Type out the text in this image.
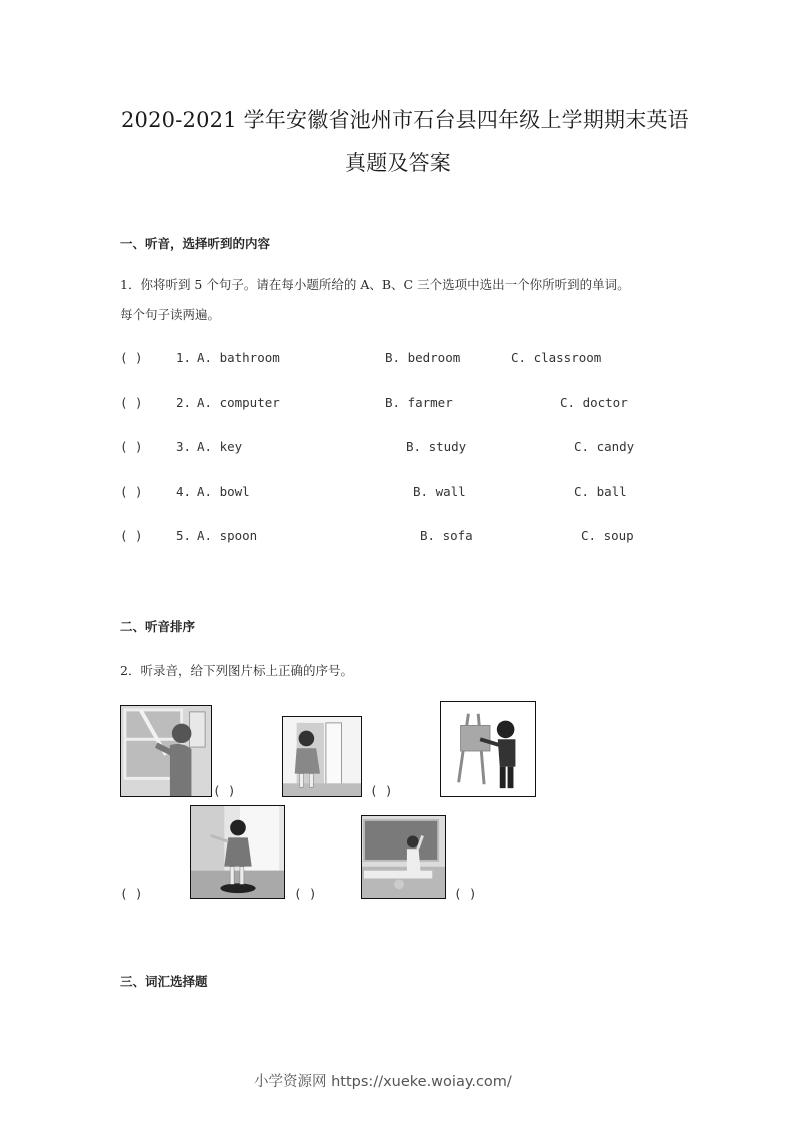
2020-2021 学年安徽省池州市石台县四年级上学期期末英语
真题及答案
一、听音，选择听到的内容
1．你将听到 5 个句子。请在每小题所给的 A、B、C 三个选项中选出一个你所听到的单词。
每个句子读两遍。
( )	1. A. bathroom	B. bedroom	C. classroom
( )	2. A. computer	B. farmer	C. doctor
( )	3. A. key	B. study	C. candy
( )	4. A. bowl	B. wall	C. ball
( )	5. A. spoon	B. sofa	C. soup
二、听音排序
2．听录音，给下列图片标上正确的序号。
( )	( )
( )	( )	( )
三、词汇选择题
小学资源网 https://xueke.woiay.com/
